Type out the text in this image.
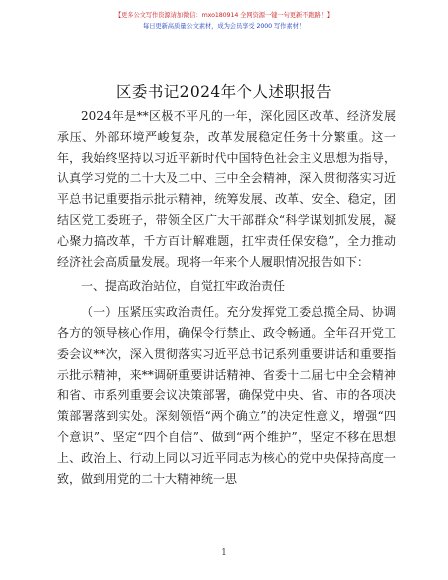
【更多公文写作资源请加微信：mxo180914 全网资源一键一句更新不跑路！】
每日更新高质量公文素材，成为会员享受 2000 写作素材！
区委书记2024年个人述职报告

2024年是**区极不平凡的一年，深化园区改革、经济发展承压、外部环境严峻复杂，改革发展稳定任务十分繁重。这一年，我始终坚持以习近平新时代中国特色社会主义思想为指导，认真学习党的二十大及二中、三中全会精神，深入贯彻落实习近平总书记重要指示批示精神，统筹发展、改革、安全、稳定，团结区党工委班子，带领全区广大干部群众“科学谋划抓发展，凝心聚力搞改革，千方百计解难题，扛牢责任保安稳”，全力推动经济社会高质量发展。现将一年来个人履职情况报告如下：

一、提高政治站位，自觉扛牢政治责任

（一）压紧压实政治责任。充分发挥党工委总揽全局、协调各方的领导核心作用，确保令行禁止、政令畅通。全年召开党工委会议**次，深入贯彻落实习近平总书记系列重要讲话和重要指示批示精神，来**调研重要讲话精神、省委十二届七中全会精神和省、市系列重要会议决策部署，确保党中央、省、市的各项决策部署落到实处。深刻领悟“两个确立”的决定性意义，增强“四个意识”、坚定“四个自信”、做到“两个维护”，坚定不移在思想上、政治上、行动上同以习近平同志为核心的党中央保持高度一致，做到用党的二十大精神统一思

1
